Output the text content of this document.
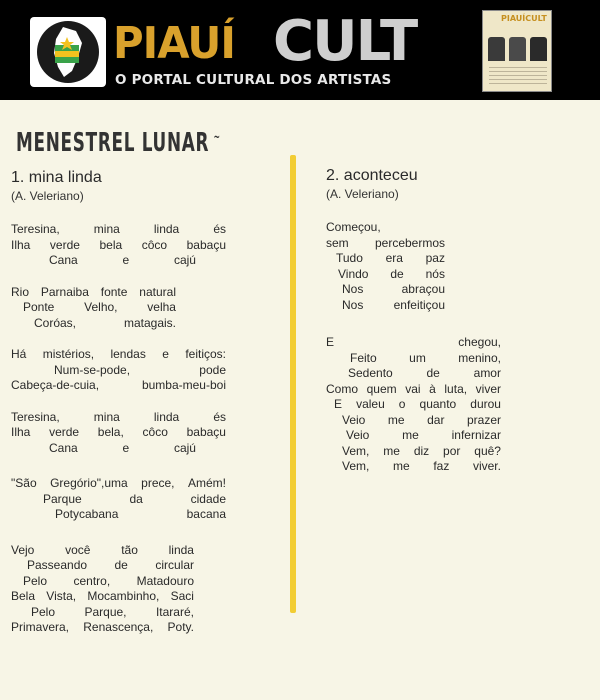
PIAUÍ CULT
O PORTAL CULTURAL DOS ARTISTAS
PIAUÍCULT
MENESTREL LUNAR ~
1. mina linda
(A. Veleriano)
Teresina,	mina	linda	és
Ilha verde bela côco babaçu
Cana	e	cajú
Rio Parnaiba fonte natural
Ponte Velho, velha
Coróas,	matagais.
Há mistérios, lendas e feitiços:
Num-se-pode,	pode
Cabeça-de-cuia,	bumba-meu-boi
Teresina,	mina	linda	és
Ilha verde bela, côco babaçu
Cana	e	cajú
"São Gregório",uma prece, Amém!
Parque	da	cidade
Potycabana	bacana
Vejo	você	tão	linda
Passeando de circular
Pelo centro, Matadouro
Bela Vista, Mocambinho, Saci
Pelo Parque, Itararé,
Primavera, Renascença, Poty.
2. aconteceu
(A. Veleriano)
Começou,
sem percebermos
Tudo era paz
Vindo de nós
Nos	abraçou
Nos	enfeitiçou
E	chegou,
Feito	um	menino,
Sedento	de	amor
Como quem vai à luta, viver
E valeu o quanto durou
Veio me dar prazer
Veio	me	infernizar
Vem, me diz por quê?
Vem, me faz viver.
